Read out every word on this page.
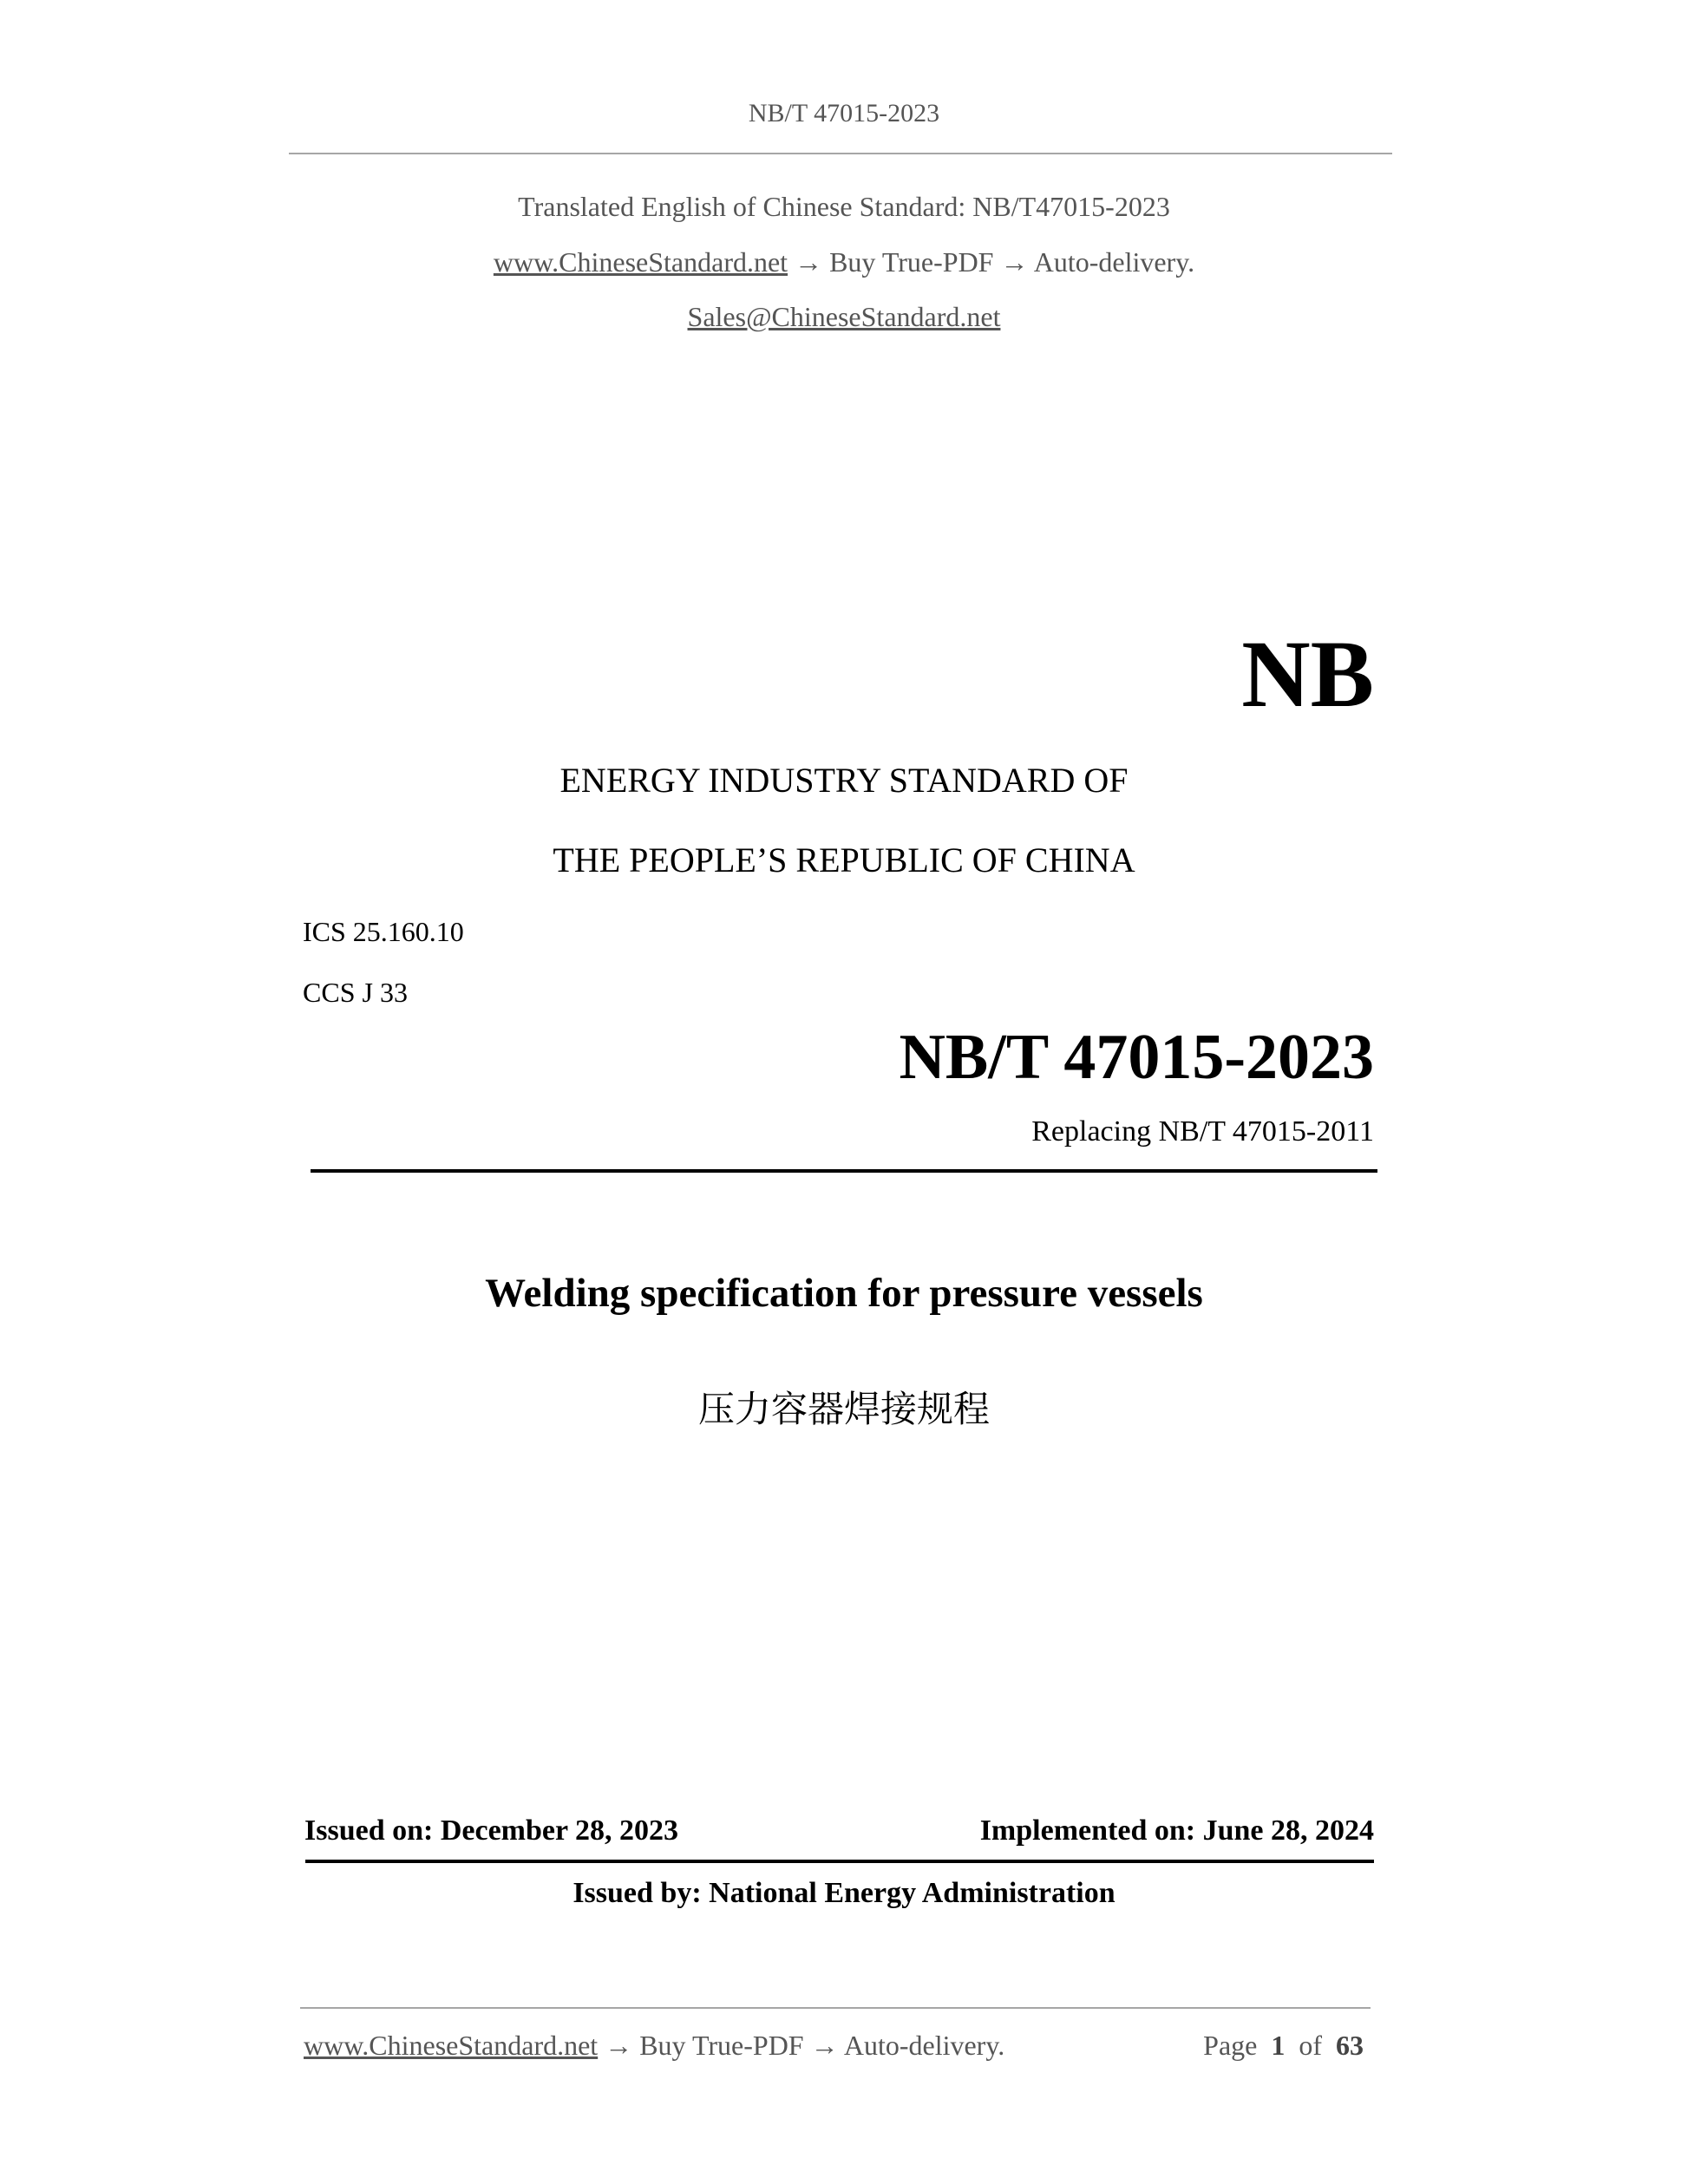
NB/T 47015-2023
Translated English of Chinese Standard: NB/T47015-2023
www.ChineseStandard.net → Buy True-PDF → Auto-delivery.
Sales@ChineseStandard.net
NB
ENERGY INDUSTRY STANDARD OF
THE PEOPLE’S REPUBLIC OF CHINA
ICS 25.160.10
CCS J 33
NB/T 47015-2023
Replacing NB/T 47015-2011
Welding specification for pressure vessels
压力容器焊接规程
Issued on: December 28, 2023	Implemented on: June 28, 2024
Issued by: National Energy Administration
www.ChineseStandard.net → Buy True-PDF → Auto-delivery.	Page 1 of 63
